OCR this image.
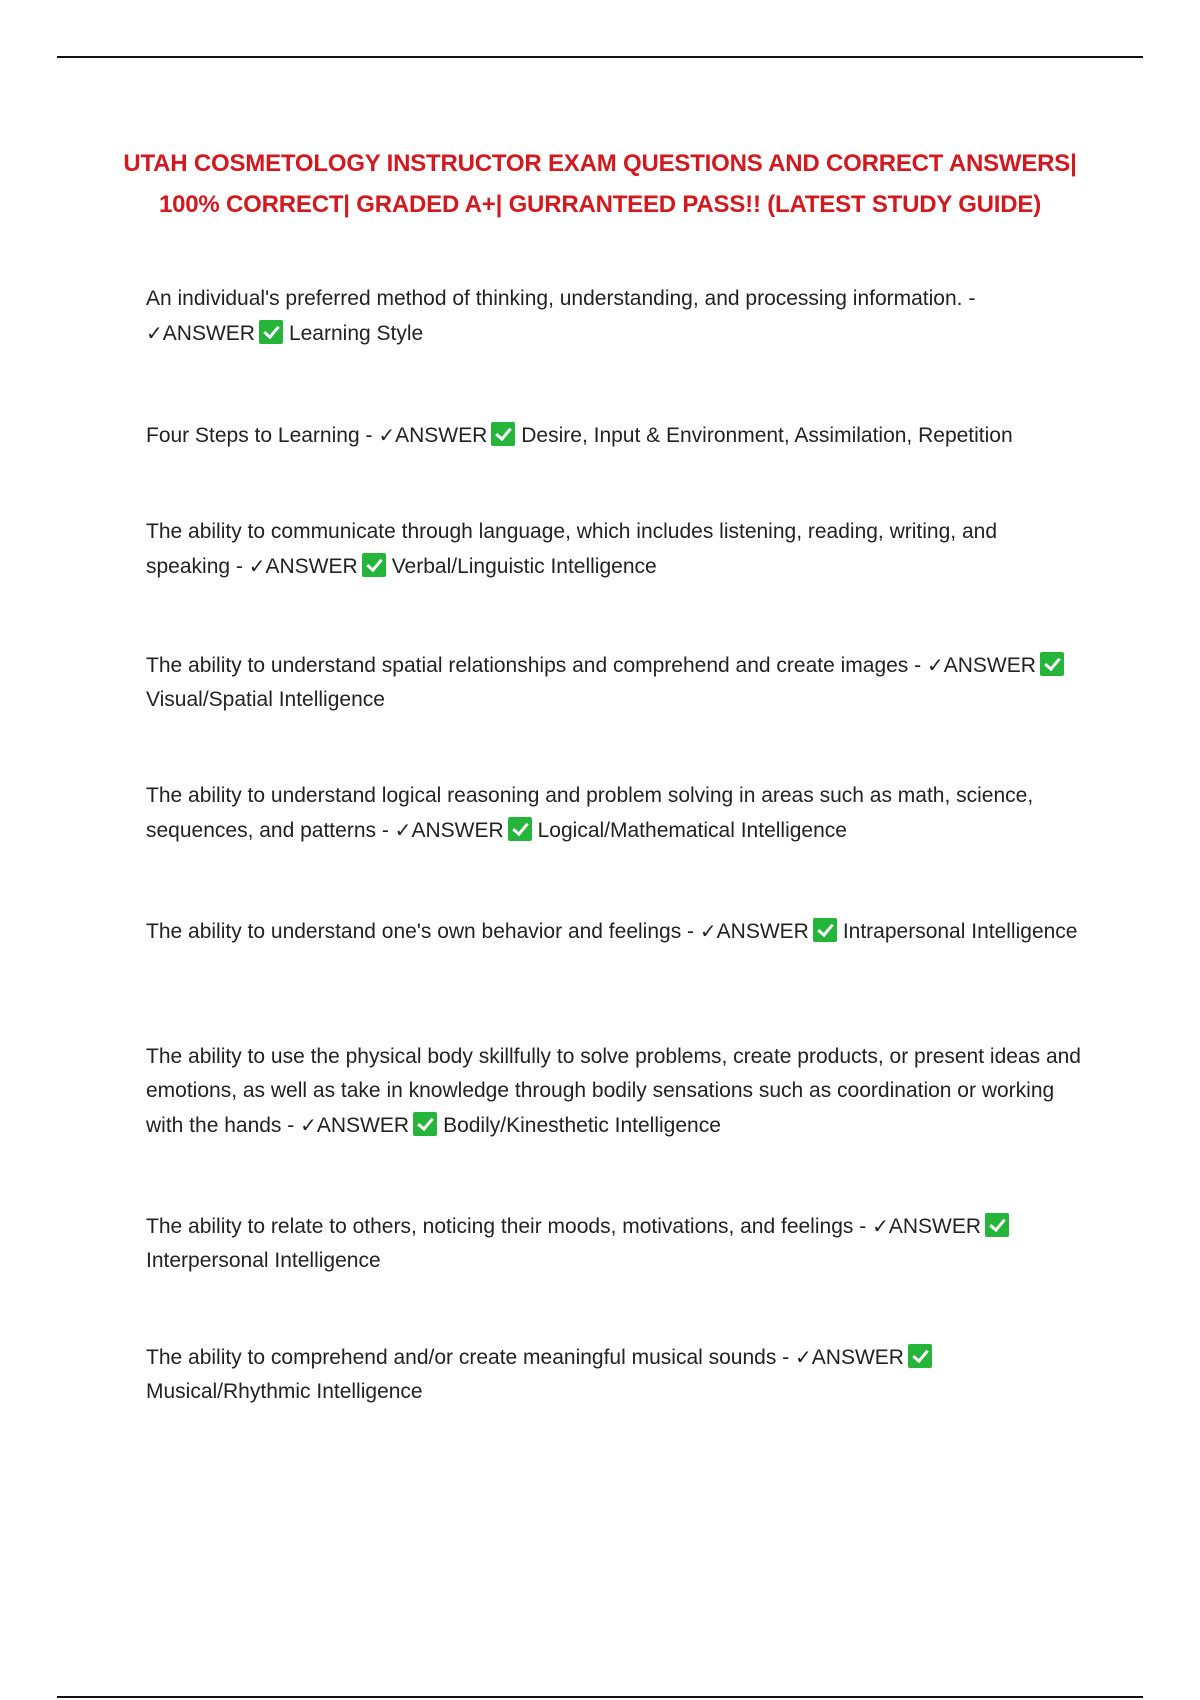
UTAH COSMETOLOGY INSTRUCTOR EXAM QUESTIONS AND CORRECT ANSWERS|
100% CORRECT| GRADED A+| GURRANTEED PASS!! (LATEST STUDY GUIDE)
An individual's preferred method of thinking, understanding, and processing information. - ✓ANSWER Learning Style
Four Steps to Learning - ✓ANSWER Desire, Input & Environment, Assimilation, Repetition
The ability to communicate through language, which includes listening, reading, writing, and speaking - ✓ANSWER Verbal/Linguistic Intelligence
The ability to understand spatial relationships and comprehend and create images - ✓ANSWERVisual/Spatial Intelligence
The ability to understand logical reasoning and problem solving in areas such as math, science, sequences, and patterns - ✓ANSWER Logical/Mathematical Intelligence
The ability to understand one's own behavior and feelings - ✓ANSWER Intrapersonal Intelligence
The ability to use the physical body skillfully to solve problems, create products, or present ideas and emotions, as well as take in knowledge through bodily sensations such as coordination or working with the hands - ✓ANSWER Bodily/Kinesthetic Intelligence
The ability to relate to others, noticing their moods, motivations, and feelings - ✓ANSWERInterpersonal Intelligence
The ability to comprehend and/or create meaningful musical sounds - ✓ANSWERMusical/Rhythmic Intelligence
